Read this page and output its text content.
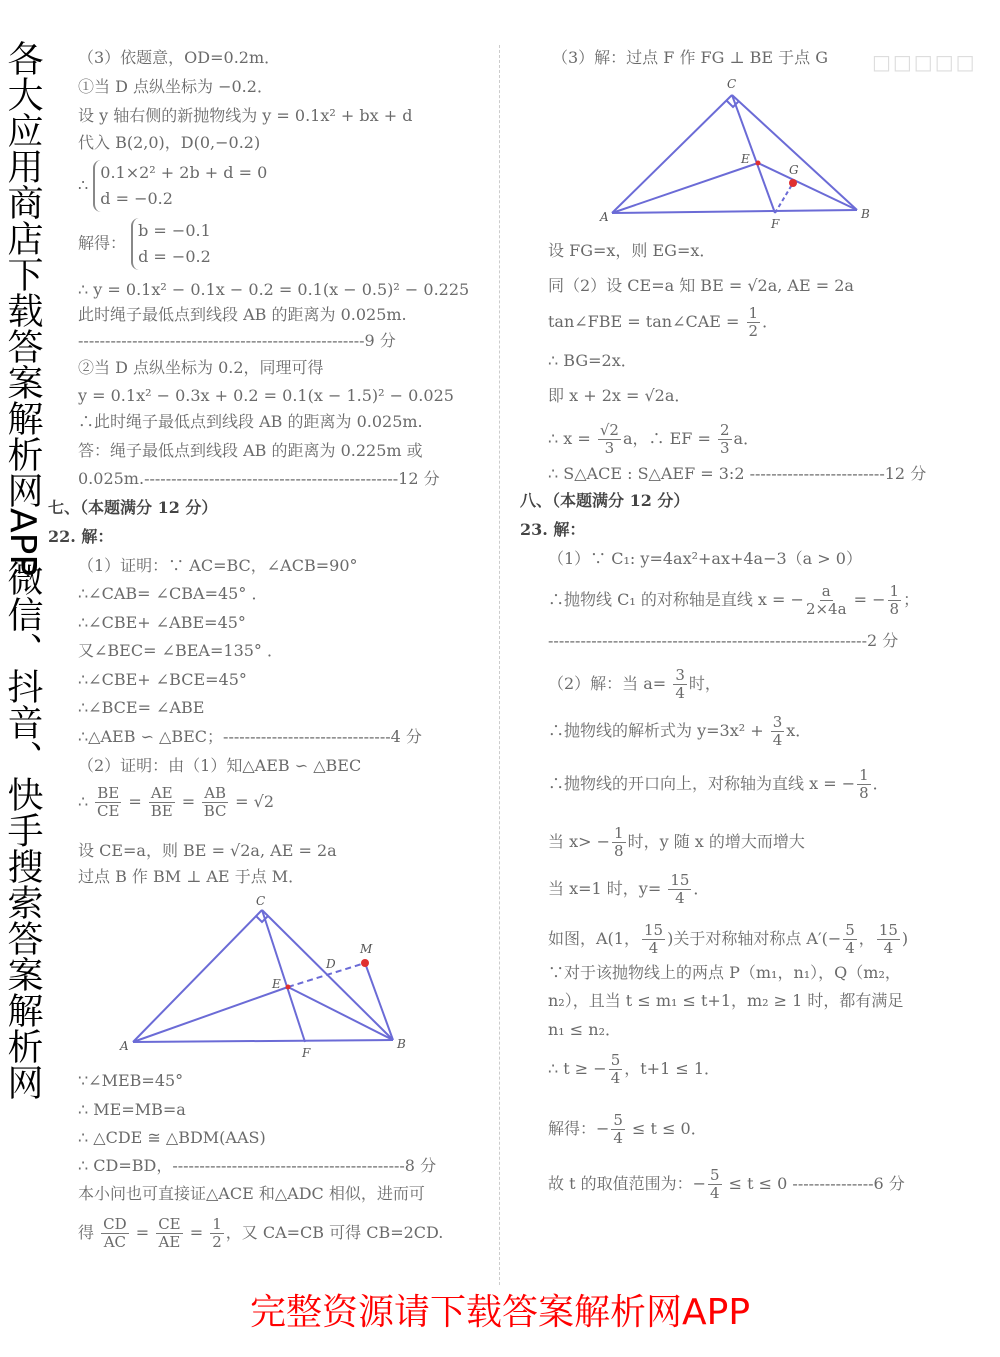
□□□□□
（3）依题意，OD=0.2m．
①当 D 点纵坐标为 −0.2．
设 y 轴右侧的新抛物线为 y = 0.1x² + bx + d
代入 B(2,0)，D(0,−0.2)
∴
0.1×2² + 2b + d = 0
d = −0.2
解得：
b = −0.1
d = −0.2
∴ y = 0.1x² − 0.1x − 0.2 = 0.1(x − 0.5)² − 0.225
此时绳子最低点到线段 AB 的距离为 0.025m.
-----------------------------------------------------9 分
②当 D 点纵坐标为 0.2，同理可得
y = 0.1x² − 0.3x + 0.2 = 0.1(x − 1.5)² − 0.025
∴此时绳子最低点到线段 AB 的距离为 0.025m.
答：绳子最低点到线段 AB 的距离为 0.225m 或
0.025m.-----------------------------------------------12 分
七、（本题满分 12 分）
22. 解：
（1）证明：∵ AC=BC，∠ACB=90°
∴∠CAB= ∠CBA=45° ．
∴∠CBE+ ∠ABE=45°
又∠BEC= ∠BEA=135° ．
∴∠CBE+ ∠BCE=45°
∴∠BCE= ∠ABE
∴△AEB ∽ △BEC；-------------------------------4 分
（2）证明：由（1）知△AEB ∽ △BEC
∴ $\frac{BE}{CE} = \frac{AE}{BE} = \frac{AB}{BC} = √2$
设 CE=a，则 BE = √2a, AE = 2a
过点 B 作 BM ⊥ AE 于点 M．
∵∠MEB=45°
∴ ME=MB=a
∴ △CDE ≅ △BDM(AAS)
∴ CD=BD，-------------------------------------------8 分
本小问也可直接证△ACE 和△ADC 相似，进而可
得 $\frac{CD}{AC} = \frac{CE}{AE} = \frac{1}{2}$ ，又 CA=CB 可得 CB=2CD.
（3）解：过点 F 作 FG ⊥ BE 于点 G
设 FG=x，则 EG=x．
同（2）设 CE=a 知 BE = √2a, AE = 2a
tan∠FBE = tan∠CAE = $\frac{1}{2}$ ．
∴ BG=2x．
即 x + 2x = √2a．
∴ $x = \frac{√2}{3}$ a，∴ EF = $\frac{2}{3}$ a．
∴ S△ACE : S△AEF = 3:2 -------------------------12 分
八、（本题满分 12 分）
23. 解：
（1）∵ C₁: y=4ax²+ax+4a−3（a > 0）
∴抛物线 C₁ 的对称轴是直线 x = − $\frac{a}{2\times 4a}$ = − $\frac{1}{8}$ ；
-----------------------------------------------------------2 分
（2）解：当 $a= \frac{3}{4}$ 时，
∴抛物线的解析式为 $y=3x^2 + \frac{3}{4}$ x．
∴抛物线的开口向上，对称轴为直线 x = − $\frac{1}{8}$ ．
当 $x> - \frac{1}{8}$ 时，y 随 x 的增大而增大
当 x=1 时，$y= \frac{15}{4}$ ．
如图，A(1， $\frac{15}{4}$ )关于对称轴对称点 $A'(- \frac{5}{4}$ ， $\frac{15}{4}$ )
∵对于该抛物线上的两点 P（m₁，n₁），Q（m₂，
n₂），且当 t ≤ m₁ ≤ t+1，m₂ ≥ 1 时，都有满足
n₁ ≤ n₂．
∴ t ≥ − $\frac{5}{4}$ ，t+1 ≤ 1．
解得：− $\frac{5}{4} \le t \le 0$．
故 t 的取值范围为：− $\frac{5}{4} \le t \le 0$ ---------------6 分
C
A	B
E
D
M
F
C
A	B
E
G
F
各大应用商店下载答案解析网APP
微信、抖音、快手搜索答案解析网
完整资源请下载答案解析网APP
